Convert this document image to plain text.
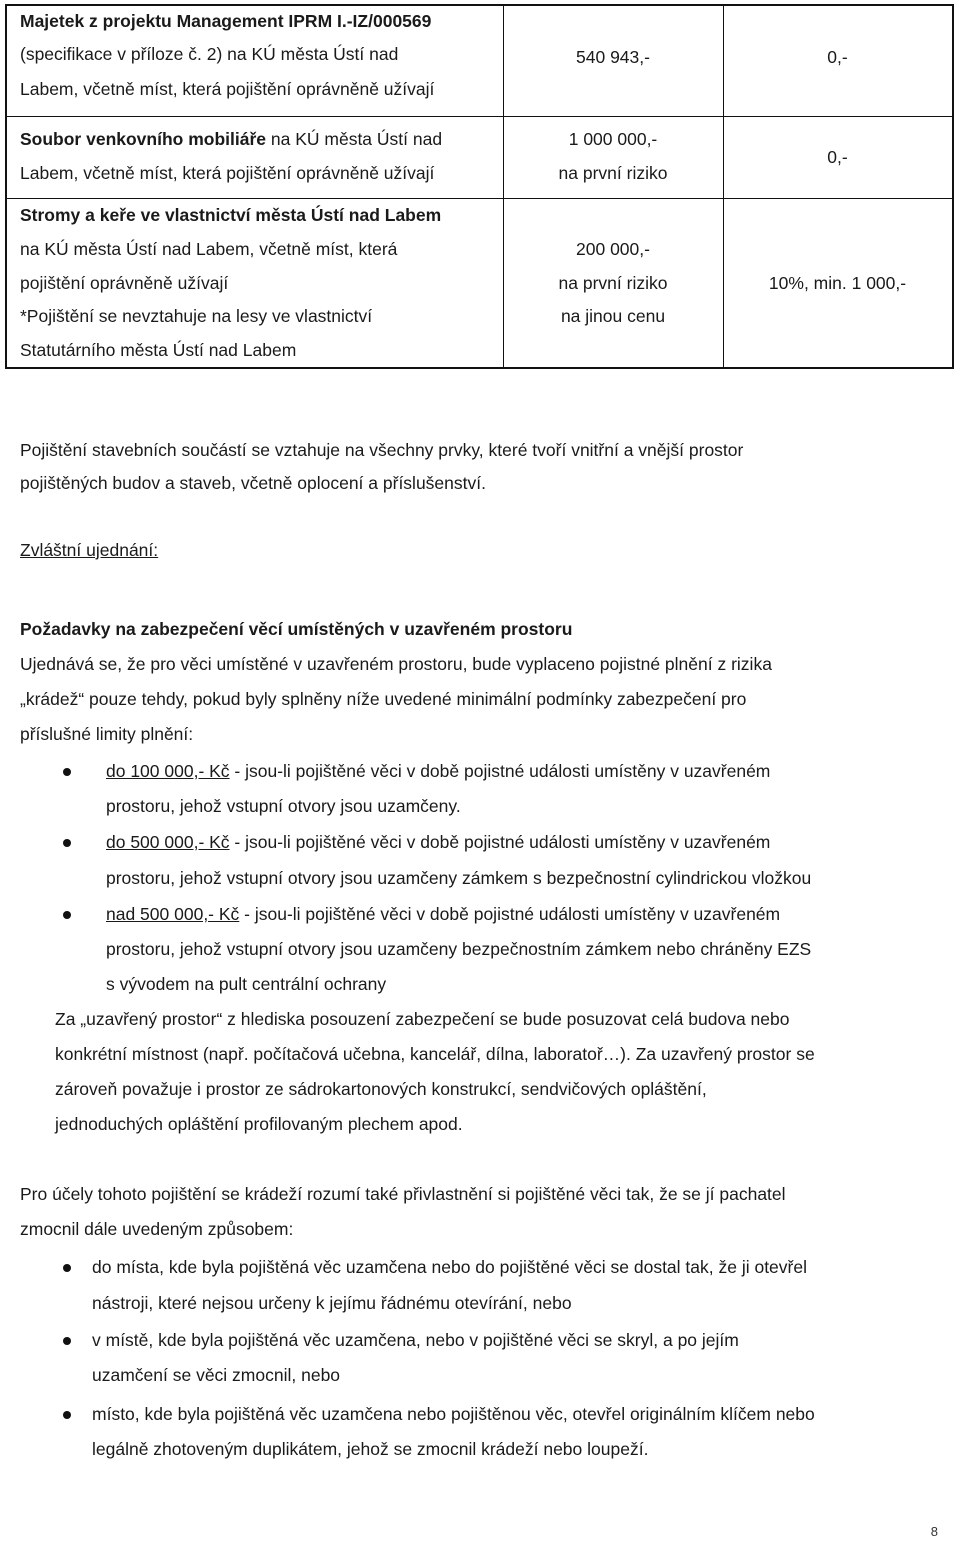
Majetek z projektu Management IPRM I.-IZ/000569
(specifikace v příloze č. 2) na KÚ města Ústí nad
Labem, včetně míst, která pojištění oprávněně užívají
540 943,-	0,-
Soubor venkovního mobiliáře na KÚ města Ústí nad
Labem, včetně míst, která pojištění oprávněně užívají
1 000 000,-
na první riziko
0,-
Stromy a keře ve vlastnictví města Ústí nad Labem
na KÚ města Ústí nad Labem, včetně míst, která
pojištění oprávněně užívají
*Pojištění se nevztahuje na lesy ve vlastnictví
Statutárního města Ústí nad Labem
200 000,-
na první riziko
na jinou cenu
10%, min. 1 000,-
Pojištění stavebních součástí se vztahuje na všechny prvky, které tvoří vnitřní a vnější prostor
pojištěných budov a staveb, včetně oplocení a příslušenství.
Zvláštní ujednání:
Požadavky na zabezpečení věcí umístěných v uzavřeném prostoru
Ujednává se, že pro věci umístěné v uzavřeném prostoru, bude vyplaceno pojistné plnění z rizika
„krádež“ pouze tehdy, pokud byly splněny níže uvedené minimální podmínky zabezpečení pro
příslušné limity plnění:
do 100 000,- Kč - jsou-li pojištěné věci v době pojistné události umístěny v uzavřeném
prostoru, jehož vstupní otvory jsou uzamčeny.
do 500 000,- Kč - jsou-li pojištěné věci v době pojistné události umístěny v uzavřeném
prostoru, jehož vstupní otvory jsou uzamčeny zámkem s bezpečnostní cylindrickou vložkou
nad 500 000,- Kč - jsou-li pojištěné věci v době pojistné události umístěny v uzavřeném
prostoru, jehož vstupní otvory jsou uzamčeny bezpečnostním zámkem nebo chráněny EZS
s vývodem na pult centrální ochrany
Za „uzavřený prostor“ z hlediska posouzení zabezpečení se bude posuzovat celá budova nebo
konkrétní místnost (např. počítačová učebna, kancelář, dílna, laboratoř…). Za uzavřený prostor se
zároveň považuje i prostor ze sádrokartonových konstrukcí, sendvičových opláštění,
jednoduchých opláštění profilovaným plechem apod.
Pro účely tohoto pojištění se krádeží rozumí také přivlastnění si pojištěné věci tak, že se jí pachatel
zmocnil dále uvedeným způsobem:
do místa, kde byla pojištěná věc uzamčena nebo do pojištěné věci se dostal tak, že ji otevřel
nástroji, které nejsou určeny k jejímu řádnému otevírání, nebo
v místě, kde byla pojištěná věc uzamčena, nebo v pojištěné věci se skryl, a po jejím
uzamčení se věci zmocnil, nebo
místo, kde byla pojištěná věc uzamčena nebo pojištěnou věc, otevřel originálním klíčem nebo
legálně zhotoveným duplikátem, jehož se zmocnil krádeží nebo loupeží.
8
